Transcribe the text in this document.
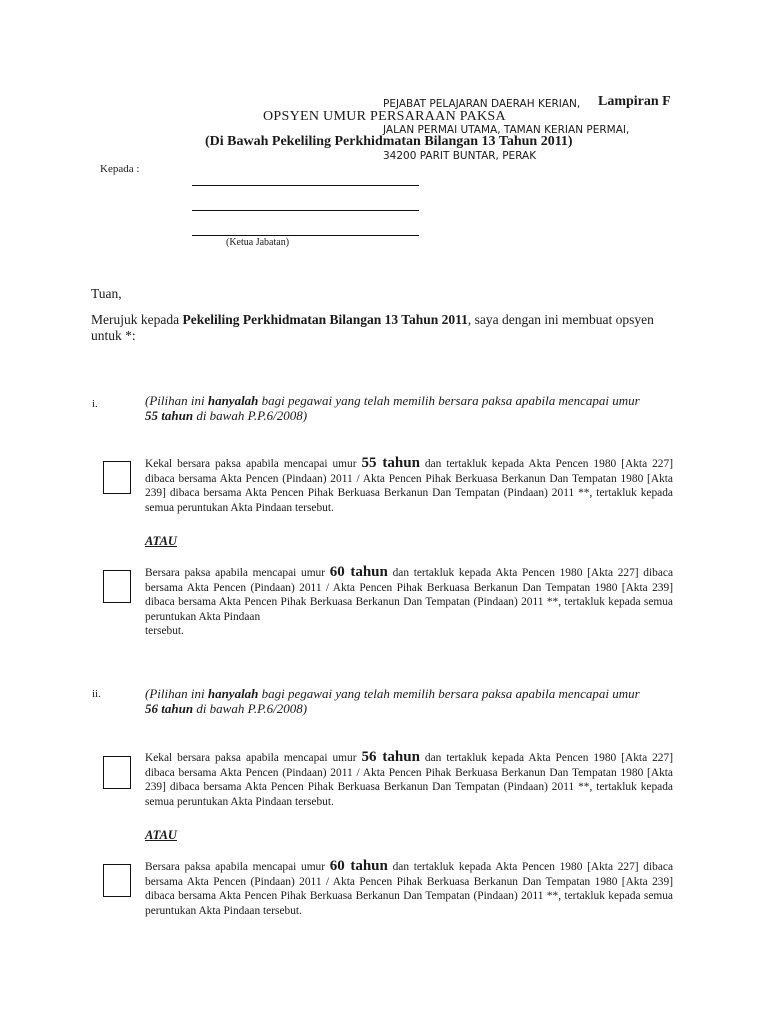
PEJABAT PELAJARAN DAERAH KERIAN, Lampiran F
OPSYEN UMUR PERSARAAN PAKSA
JALAN PERMAI UTAMA, TAMAN KERIAN PERMAI,
(Di Bawah Pekeliling Perkhidmatan Bilangan 13 Tahun 2011)
34200 PARIT BUNTAR, PERAK
Kepada :
(Ketua Jabatan)
Tuan,
Merujuk kepada Pekeliling Perkhidmatan Bilangan 13 Tahun 2011, saya dengan ini membuat opsyen
untuk *:
i.	(Pilihan ini hanyalah bagi pegawai yang telah memilih bersara paksa apabila mencapai umur
55 tahun di bawah P.P.6/2008)
Kekal bersara paksa apabila mencapai umur 55 tahun dan tertakluk kepada Akta Pencen 1980 [Akta 227] dibaca bersama Akta Pencen (Pindaan) 2011 / Akta Pencen Pihak Berkuasa Berkanun Dan Tempatan 1980 [Akta 239] dibaca bersama Akta Pencen Pihak Berkuasa Berkanun Dan Tempatan (Pindaan) 2011 **, tertakluk kepada semua peruntukan Akta Pindaan tersebut.
ATAU
Bersara paksa apabila mencapai umur 60 tahun dan tertakluk kepada Akta Pencen 1980 [Akta 227] dibaca bersama Akta Pencen (Pindaan) 2011 / Akta Pencen Pihak Berkuasa Berkanun Dan Tempatan 1980 [Akta 239] dibaca bersama Akta Pencen Pihak Berkuasa Berkanun Dan Tempatan (Pindaan) 2011 **, tertakluk kepada semua peruntukan Akta Pindaan
tersebut.
ii.	(Pilihan ini hanyalah bagi pegawai yang telah memilih bersara paksa apabila mencapai umur
56 tahun di bawah P.P.6/2008)
Kekal bersara paksa apabila mencapai umur 56 tahun dan tertakluk kepada Akta Pencen 1980 [Akta 227] dibaca bersama Akta Pencen (Pindaan) 2011 / Akta Pencen Pihak Berkuasa Berkanun Dan Tempatan 1980 [Akta 239] dibaca bersama Akta Pencen Pihak Berkuasa Berkanun Dan Tempatan (Pindaan) 2011 **, tertakluk kepada semua peruntukan Akta Pindaan tersebut.
ATAU
Bersara paksa apabila mencapai umur 60 tahun dan tertakluk kepada Akta Pencen 1980 [Akta 227] dibaca bersama Akta Pencen (Pindaan) 2011 / Akta Pencen Pihak Berkuasa Berkanun Dan Tempatan 1980 [Akta 239] dibaca bersama Akta Pencen Pihak Berkuasa Berkanun Dan Tempatan (Pindaan) 2011 **, tertakluk kepada semua peruntukan Akta Pindaan tersebut.
